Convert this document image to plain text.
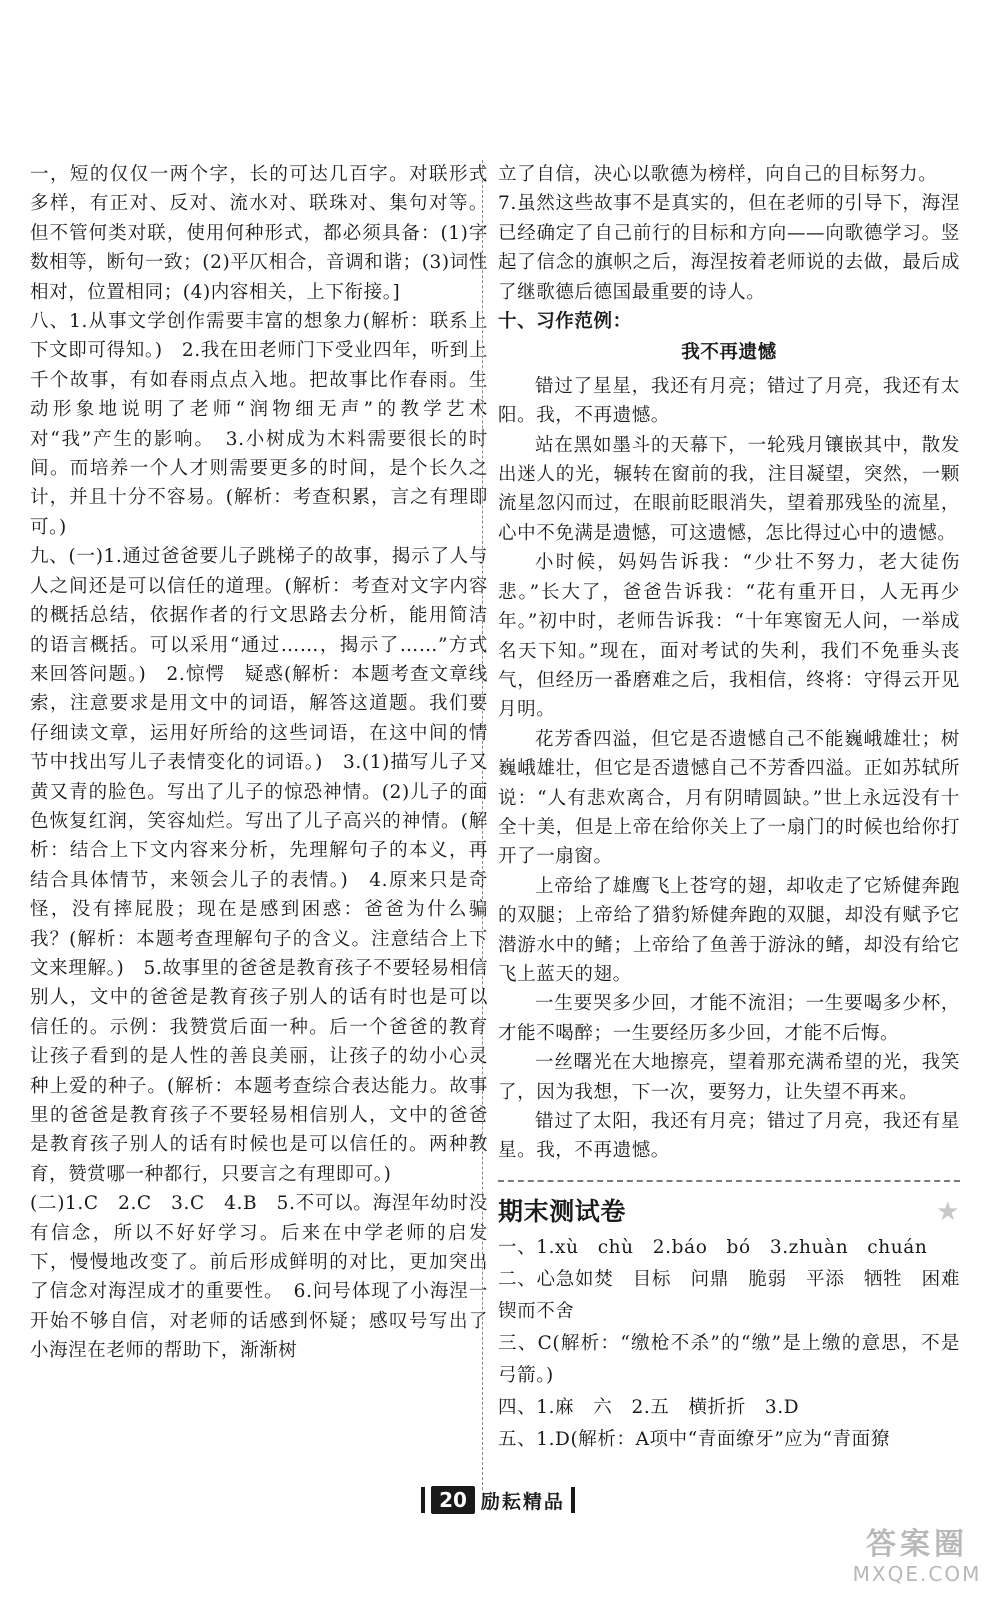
一，短的仅仅一两个字，长的可达几百字。对联形式多样，有正对、反对、流水对、联珠对、集句对等。但不管何类对联，使用何种形式，都必须具备：(1)字数相等，断句一致；(2)平仄相合，音调和谐；(3)词性相对，位置相同；(4)内容相关，上下衔接。]

八、1.从事文学创作需要丰富的想象力(解析：联系上下文即可得知。)　2.我在田老师门下受业四年，听到上千个故事，有如春雨点点入地。把故事比作春雨。生动形象地说明了老师“润物细无声”的教学艺术对“我”产生的影响。　3.小树成为木料需要很长的时间。而培养一个人才则需要更多的时间，是个长久之计，并且十分不容易。(解析：考查积累，言之有理即可。)

九、(一)1.通过爸爸要儿子跳梯子的故事，揭示了人与人之间还是可以信任的道理。(解析：考查对文字内容的概括总结，依据作者的行文思路去分析，能用简洁的语言概括。可以采用“通过……，揭示了……”方式来回答问题。)　2.惊愕　疑惑(解析：本题考查文章线索，注意要求是用文中的词语，解答这道题。我们要仔细读文章，运用好所给的这些词语，在这中间的情节中找出写儿子表情变化的词语。)　3.(1)描写儿子又黄又青的脸色。写出了儿子的惊恐神情。(2)儿子的面色恢复红润，笑容灿烂。写出了儿子高兴的神情。(解析：结合上下文内容来分析，先理解句子的本义，再结合具体情节，来领会儿子的表情。)　4.原来只是奇怪，没有摔屁股；现在是感到困惑：爸爸为什么骗我？(解析：本题考查理解句子的含义。注意结合上下文来理解。)　5.故事里的爸爸是教育孩子不要轻易相信别人，文中的爸爸是教育孩子别人的话有时也是可以信任的。示例：我赞赏后面一种。后一个爸爸的教育让孩子看到的是人性的善良美丽，让孩子的幼小心灵种上爱的种子。(解析：本题考查综合表达能力。故事里的爸爸是教育孩子不要轻易相信别人，文中的爸爸是教育孩子别人的话有时候也是可以信任的。两种教育，赞赏哪一种都行，只要言之有理即可。)

(二)1.C　2.C　3.C　4.B　5.不可以。海涅年幼时没有信念，所以不好好学习。后来在中学老师的启发下，慢慢地改变了。前后形成鲜明的对比，更加突出了信念对海涅成才的重要性。　6.问号体现了小海涅一开始不够自信，对老师的话感到怀疑；感叹号写出了小海涅在老师的帮助下，渐渐树

立了自信，决心以歌德为榜样，向自己的目标努力。

7.虽然这些故事不是真实的，但在老师的引导下，海涅已经确定了自己前行的目标和方向——向歌德学习。竖起了信念的旗帜之后，海涅按着老师说的去做，最后成了继歌德后德国最重要的诗人。

十、习作范例：

我不再遗憾

错过了星星，我还有月亮；错过了月亮，我还有太阳。我，不再遗憾。

站在黑如墨斗的天幕下，一轮残月镶嵌其中，散发出迷人的光，辗转在窗前的我，注目凝望，突然，一颗流星忽闪而过，在眼前眨眼消失，望着那残坠的流星，心中不免满是遗憾，可这遗憾，怎比得过心中的遗憾。

小时候，妈妈告诉我：“少壮不努力，老大徒伤悲。”长大了，爸爸告诉我：“花有重开日，人无再少年。”初中时，老师告诉我：“十年寒窗无人问，一举成名天下知。”现在，面对考试的失利，我们不免垂头丧气，但经历一番磨难之后，我相信，终将：守得云开见月明。

花芳香四溢，但它是否遗憾自己不能巍峨雄壮；树巍峨雄壮，但它是否遗憾自己不芳香四溢。正如苏轼所说：“人有悲欢离合，月有阴晴圆缺。”世上永远没有十全十美，但是上帝在给你关上了一扇门的时候也给你打开了一扇窗。

上帝给了雄鹰飞上苍穹的翅，却收走了它矫健奔跑的双腿；上帝给了猎豹矫健奔跑的双腿，却没有赋予它潜游水中的鳍；上帝给了鱼善于游泳的鳍，却没有给它飞上蓝天的翅。

一生要哭多少回，才能不流泪；一生要喝多少杯，才能不喝醉；一生要经历多少回，才能不后悔。

一丝曙光在大地擦亮，望着那充满希望的光，我笑了，因为我想，下一次，要努力，让失望不再来。

错过了太阳，我还有月亮；错过了月亮，我还有星星。我，不再遗憾。

期末测试卷	★

一、1.xù　chù　2.báo　bó　3.zhuàn　chuán

二、心急如焚　目标　问鼎　脆弱　平添　牺牲　困难　锲而不舍

三、C(解析：“缴枪不杀”的“缴”是上缴的意思，不是弓箭。)

四、1.麻　六　2.五　横折折　3.D

五、1.D(解析：A项中“青面缭牙”应为“青面獠

20 励耘精品
答案圈
MXQE.COM
